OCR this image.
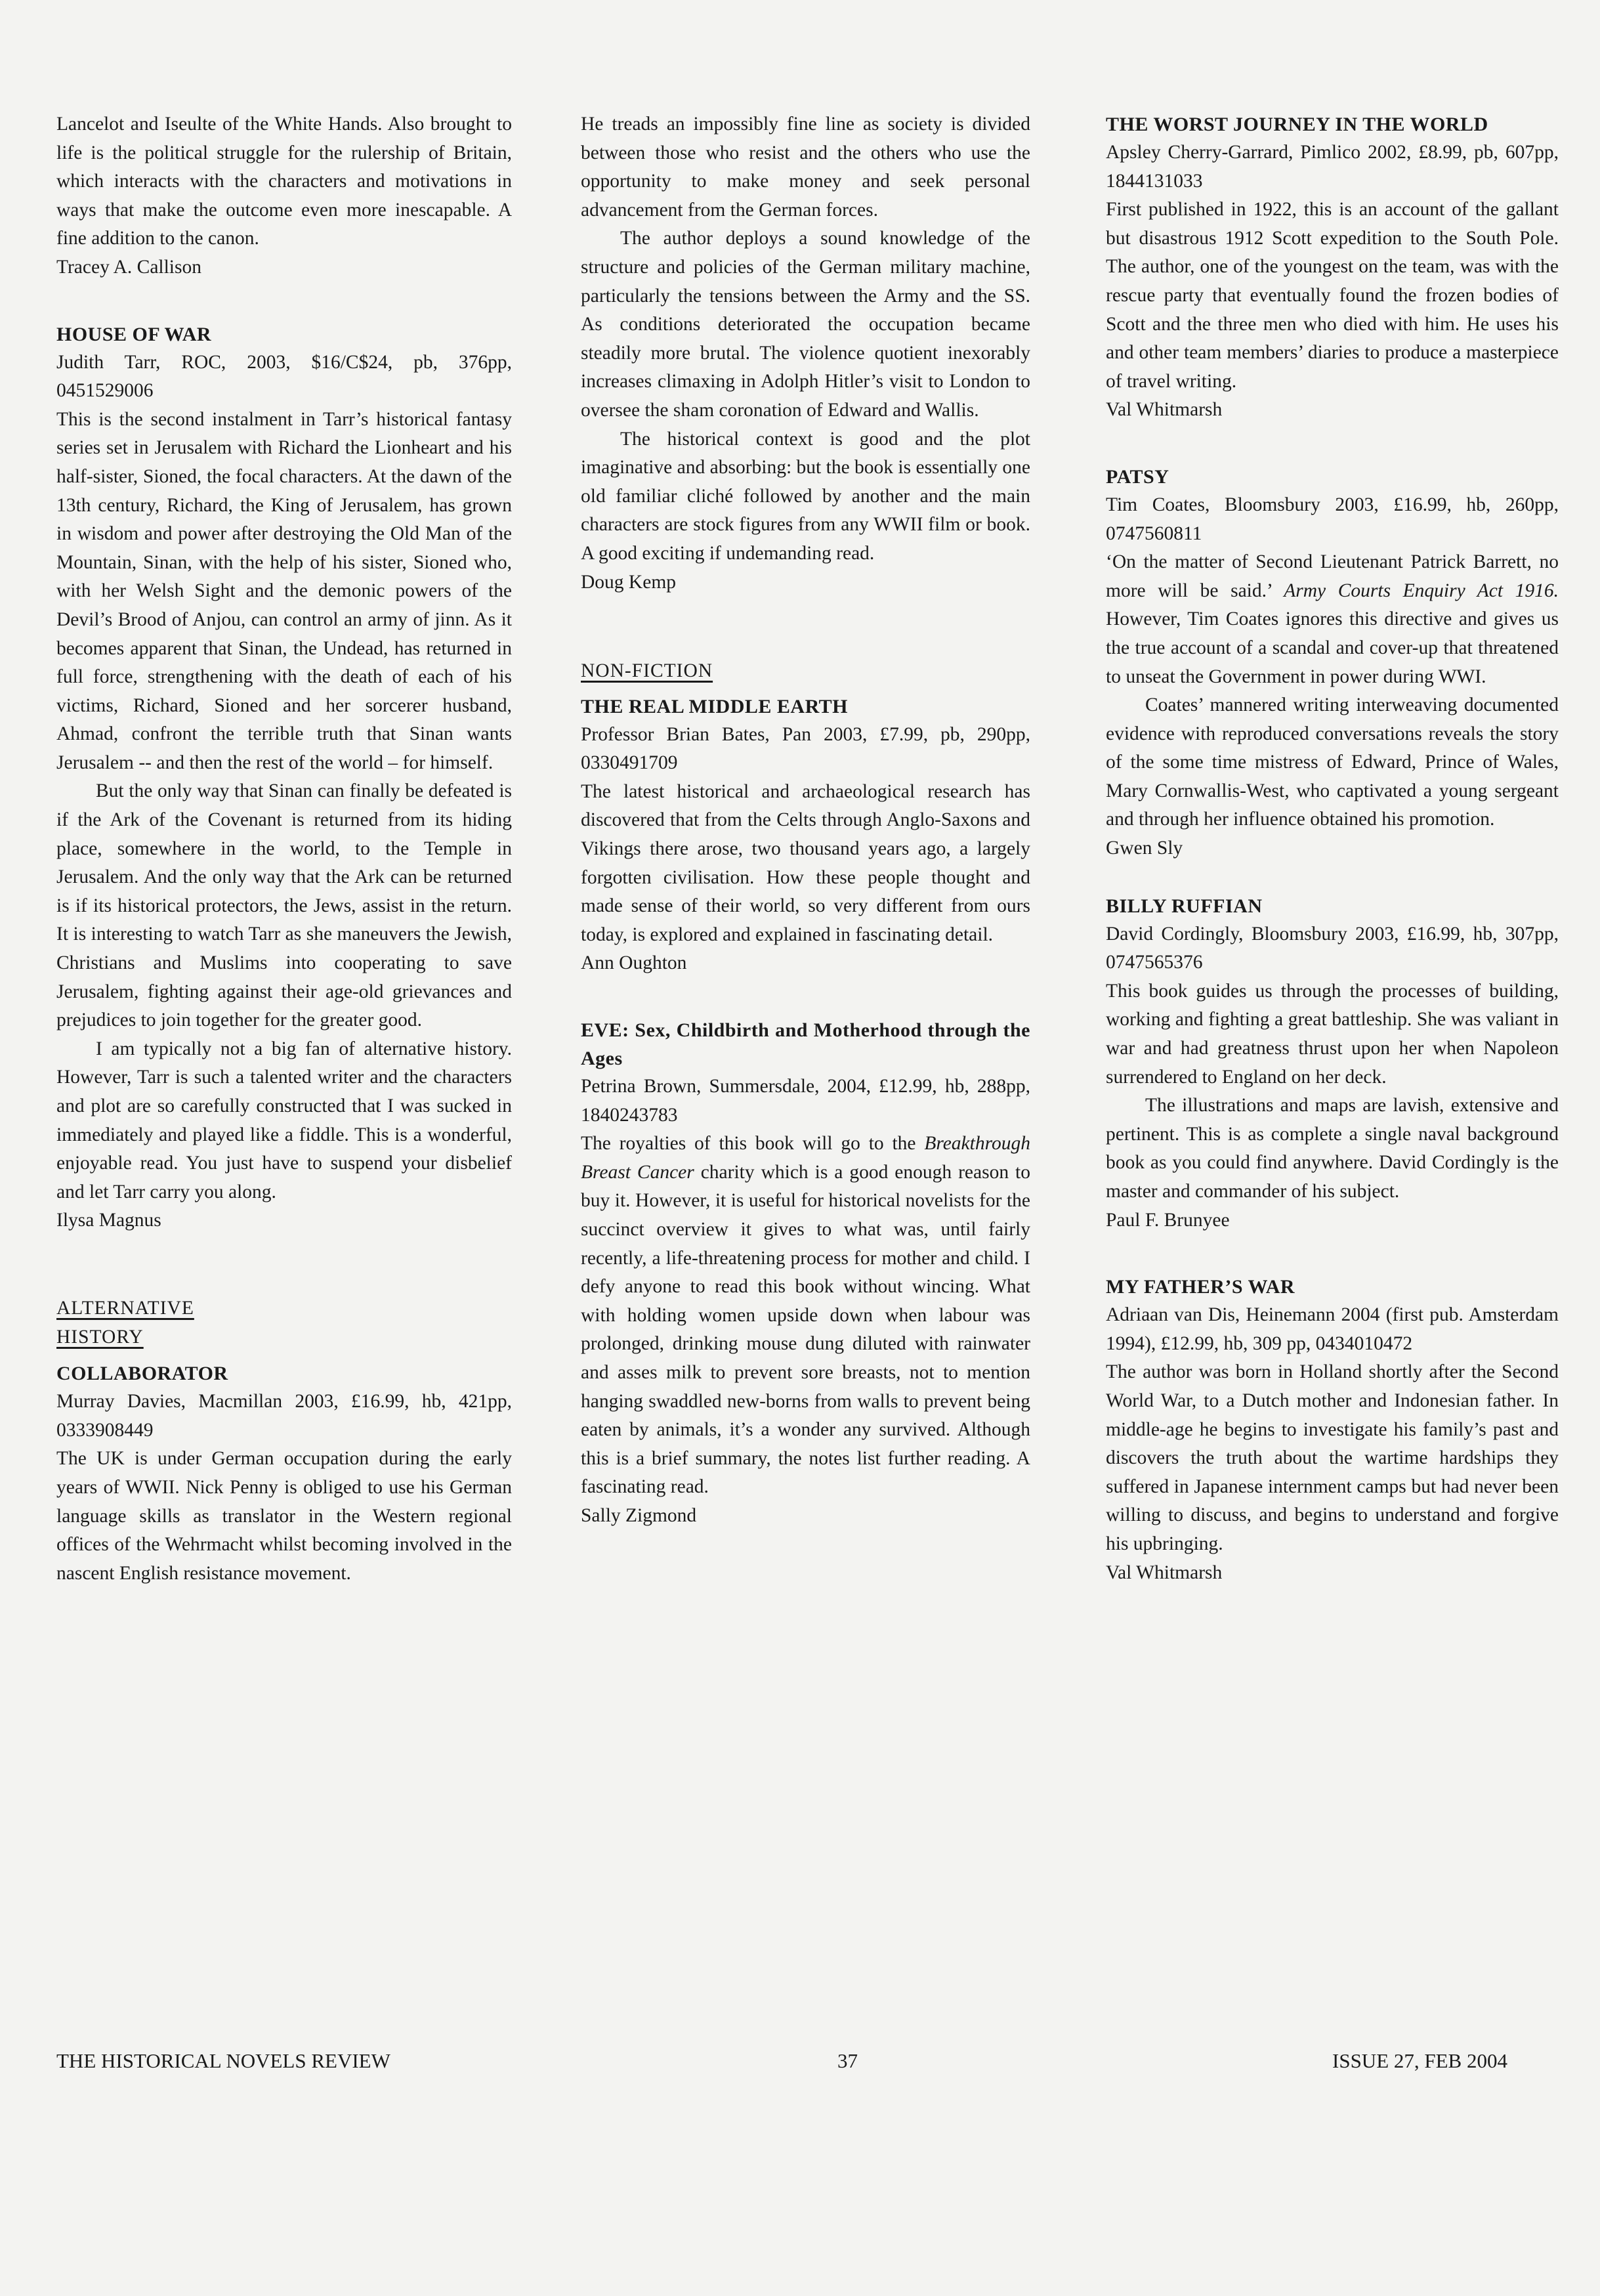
Lancelot and Iseulte of the White Hands. Also brought to life is the political struggle for the rulership of Britain, which interacts with the characters and motivations in ways that make the outcome even more inescapable. A fine addition to the canon.

Tracey A. Callison

HOUSE OF WAR

Judith Tarr, ROC, 2003, $16/C$24, pb, 376pp, 0451529006

This is the second instalment in Tarr’s historical fantasy series set in Jerusalem with Richard the Lionheart and his half-sister, Sioned, the focal characters. At the dawn of the 13th century, Richard, the King of Jerusalem, has grown in wisdom and power after destroying the Old Man of the Mountain, Sinan, with the help of his sister, Sioned who, with her Welsh Sight and the demonic powers of the Devil’s Brood of Anjou, can control an army of jinn. As it becomes apparent that Sinan, the Undead, has returned in full force, strengthening with the death of each of his victims, Richard, Sioned and her sorcerer husband, Ahmad, confront the terrible truth that Sinan wants Jerusalem -- and then the rest of the world – for himself.

But the only way that Sinan can finally be defeated is if the Ark of the Covenant is returned from its hiding place, somewhere in the world, to the Temple in Jerusalem. And the only way that the Ark can be returned is if its historical protectors, the Jews, assist in the return. It is interesting to watch Tarr as she maneuvers the Jewish, Christians and Muslims into cooperating to save Jerusalem, fighting against their age-old grievances and prejudices to join together for the greater good.

I am typically not a big fan of alternative history. However, Tarr is such a talented writer and the characters and plot are so carefully constructed that I was sucked in immediately and played like a fiddle. This is a wonderful, enjoyable read. You just have to suspend your disbelief and let Tarr carry you along.

Ilysa Magnus

ALTERNATIVE

HISTORY

COLLABORATOR

Murray Davies, Macmillan 2003, £16.99, hb, 421pp, 0333908449

The UK is under German occupation during the early years of WWII. Nick Penny is obliged to use his German language skills as translator in the Western regional offices of the Wehrmacht whilst becoming involved in the nascent English resistance movement.

He treads an impossibly fine line as society is divided between those who resist and the others who use the opportunity to make money and seek personal advancement from the German forces.

The author deploys a sound knowledge of the structure and policies of the German military machine, particularly the tensions between the Army and the SS. As conditions deteriorated the occupation became steadily more brutal. The violence quotient inexorably increases climaxing in Adolph Hitler’s visit to London to oversee the sham coronation of Edward and Wallis.

The historical context is good and the plot imaginative and absorbing: but the book is essentially one old familiar cliché followed by another and the main characters are stock figures from any WWII film or book. A good exciting if undemanding read.

Doug Kemp

NON-FICTION

THE REAL MIDDLE EARTH

Professor Brian Bates, Pan 2003, £7.99, pb, 290pp, 0330491709

The latest historical and archaeological research has discovered that from the Celts through Anglo-Saxons and Vikings there arose, two thousand years ago, a largely forgotten civilisation. How these people thought and made sense of their world, so very different from ours today, is explored and explained in fascinating detail.

Ann Oughton

EVE: Sex, Childbirth and Motherhood through the Ages

Petrina Brown, Summersdale, 2004, £12.99, hb, 288pp, 1840243783

The royalties of this book will go to the Breakthrough Breast Cancer charity which is a good enough reason to buy it. However, it is useful for historical novelists for the succinct overview it gives to what was, until fairly recently, a life-threatening process for mother and child. I defy anyone to read this book without wincing. What with holding women upside down when labour was prolonged, drinking mouse dung diluted with rainwater and asses milk to prevent sore breasts, not to mention hanging swaddled new-borns from walls to prevent being eaten by animals, it’s a wonder any survived. Although this is a brief summary, the notes list further reading. A fascinating read.

Sally Zigmond

THE WORST JOURNEY IN THE WORLD

Apsley Cherry-Garrard, Pimlico 2002, £8.99, pb, 607pp, 1844131033

First published in 1922, this is an account of the gallant but disastrous 1912 Scott expedition to the South Pole. The author, one of the youngest on the team, was with the rescue party that eventually found the frozen bodies of Scott and the three men who died with him. He uses his and other team members’ diaries to produce a masterpiece of travel writing.

Val Whitmarsh

PATSY

Tim Coates, Bloomsbury 2003, £16.99, hb, 260pp, 0747560811

‘On the matter of Second Lieutenant Patrick Barrett, no more will be said.’ Army Courts Enquiry Act 1916. However, Tim Coates ignores this directive and gives us the true account of a scandal and cover-up that threatened to unseat the Government in power during WWI.

Coates’ mannered writing interweaving documented evidence with reproduced conversations reveals the story of the some time mistress of Edward, Prince of Wales, Mary Cornwallis-West, who captivated a young sergeant and through her influence obtained his promotion.

Gwen Sly

BILLY RUFFIAN

David Cordingly, Bloomsbury 2003, £16.99, hb, 307pp, 0747565376

This book guides us through the processes of building, working and fighting a great battleship. She was valiant in war and had greatness thrust upon her when Napoleon surrendered to England on her deck.

The illustrations and maps are lavish, extensive and pertinent. This is as complete a single naval background book as you could find anywhere. David Cordingly is the master and commander of his subject.

Paul F. Brunyee

MY FATHER’S WAR

Adriaan van Dis, Heinemann 2004 (first pub. Amsterdam 1994), £12.99, hb, 309 pp, 0434010472

The author was born in Holland shortly after the Second World War, to a Dutch mother and Indonesian father. In middle-age he begins to investigate his family’s past and discovers the truth about the wartime hardships they suffered in Japanese internment camps but had never been willing to discuss, and begins to understand and forgive his upbringing.

Val Whitmarsh

THE HISTORICAL NOVELS REVIEW	37	ISSUE 27, FEB 2004
